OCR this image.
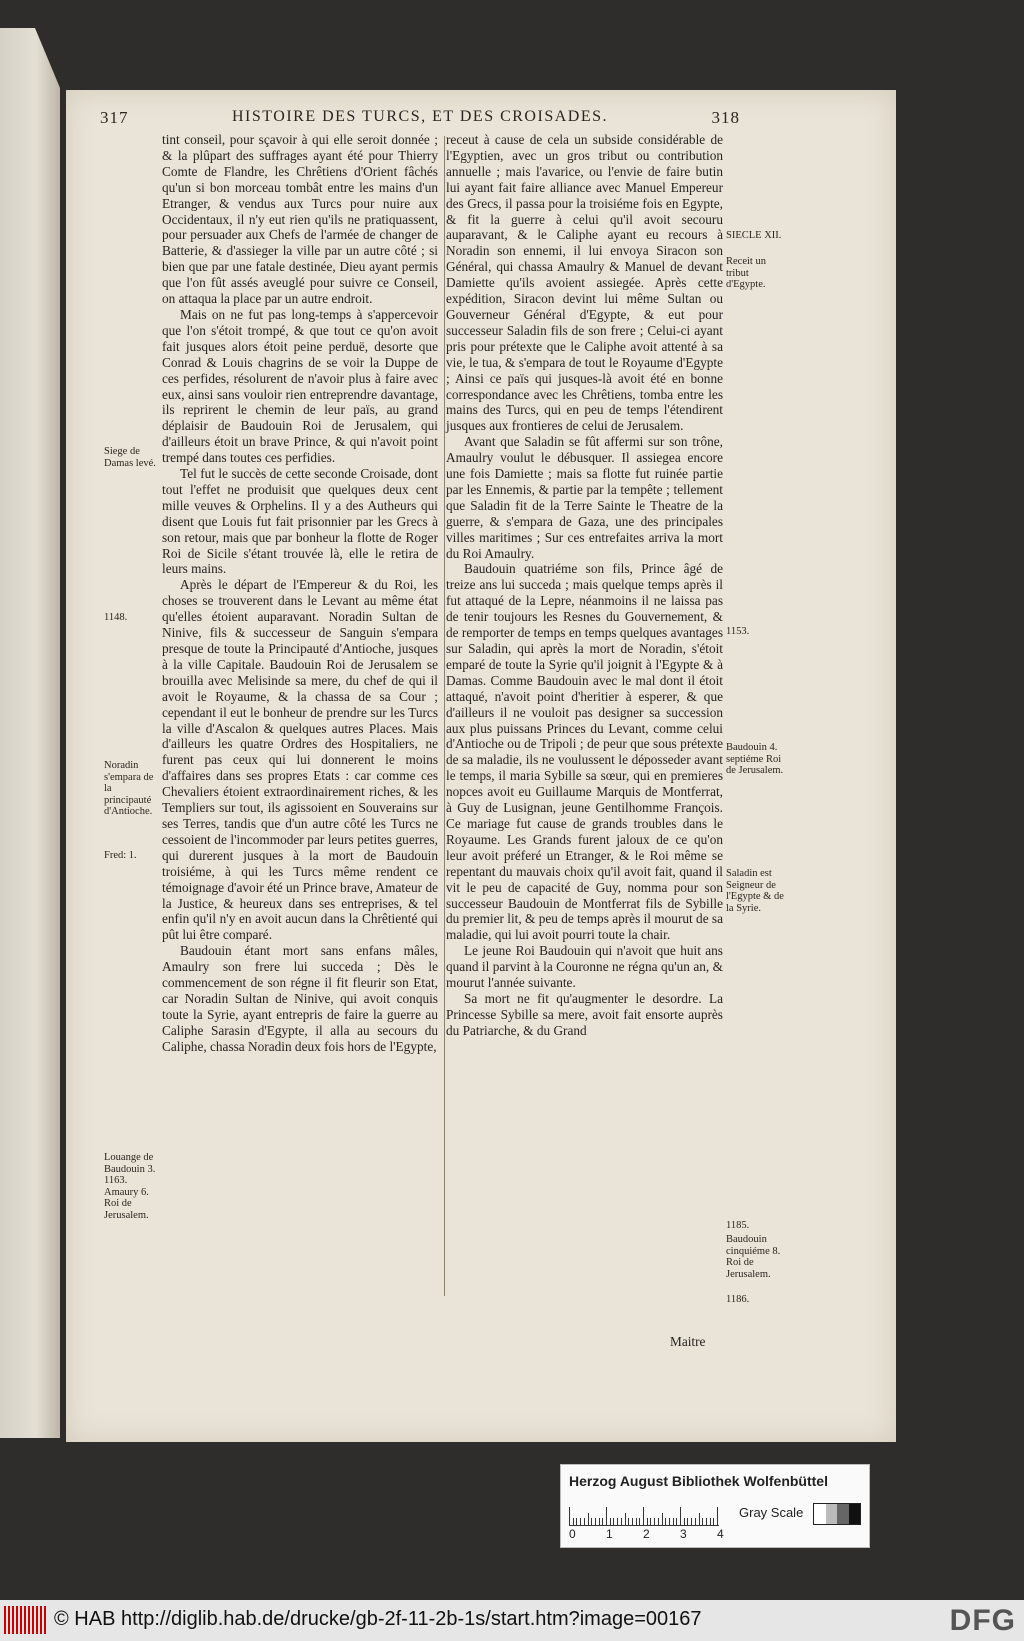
317	HISTOIRE DES TURCS, ET DES CROISADES.	318

tint conseil, pour sçavoir à qui elle seroit donnée ; & la plûpart des suffrages ayant été pour Thierry Comte de Flandre, les Chrêtiens d'Orient fâchés qu'un si bon morceau tombât entre les mains d'un Etranger, & vendus aux Turcs pour nuire aux Occidentaux, il n'y eut rien qu'ils ne pratiquassent, pour persuader aux Chefs de l'armée de changer de Batterie, & d'assieger la ville par un autre côté ; si bien que par une fatale destinée, Dieu ayant permis que l'on fût assés aveuglé pour suivre ce Conseil, on attaqua la place par un autre endroit.

Mais on ne fut pas long-temps à s'appercevoir que l'on s'étoit trompé, & que tout ce qu'on avoit fait jusques alors étoit peine perduë, desorte que Conrad & Louis chagrins de se voir la Duppe de ces perfides, résolurent de n'avoir plus à faire avec eux, ainsi sans vouloir rien entreprendre davantage, ils reprirent le chemin de leur païs, au grand déplaisir de Baudouin Roi de Jerusalem, qui d'ailleurs étoit un brave Prince, & qui n'avoit point trempé dans toutes ces perfidies.

Tel fut le succès de cette seconde Croisade, dont tout l'effet ne produisit que quelques deux cent mille veuves & Orphelins. Il y a des Autheurs qui disent que Louis fut fait prisonnier par les Grecs à son retour, mais que par bonheur la flotte de Roger Roi de Sicile s'étant trouvée là, elle le retira de leurs mains.

Après le départ de l'Empereur & du Roi, les choses se trouverent dans le Levant au même état qu'elles étoient auparavant. Noradin Sultan de Ninive, fils & successeur de Sanguin s'empara presque de toute la Principauté d'Antioche, jusques à la ville Capitale. Baudouin Roi de Jerusalem se brouilla avec Melisinde sa mere, du chef de qui il avoit le Royaume, & la chassa de sa Cour ; cependant il eut le bonheur de prendre sur les Turcs la ville d'Ascalon & quelques autres Places. Mais d'ailleurs les quatre Ordres des Hospitaliers, ne furent pas ceux qui lui donnerent le moins d'affaires dans ses propres Etats : car comme ces Chevaliers étoient extraordinairement riches, & les Templiers sur tout, ils agissoient en Souverains sur ses Terres, tandis que d'un autre côté les Turcs ne cessoient de l'incommoder par leurs petites guerres, qui durerent jusques à la mort de Baudouin troisiéme, à qui les Turcs même rendent ce témoignage d'avoir été un Prince brave, Amateur de la Justice, & heureux dans ses entreprises, & tel enfin qu'il n'y en avoit aucun dans la Chrêtienté qui pût lui être comparé.

Baudouin étant mort sans enfans mâles, Amaulry son frere lui succeda ; Dès le commencement de son régne il fit fleurir son Etat, car Noradin Sultan de Ninive, qui avoit conquis toute la Syrie, ayant entrepris de faire la guerre au Caliphe Sarasin d'Egypte, il alla au secours du Caliphe, chassa Noradin deux fois hors de l'Egypte,

receut à cause de cela un subside considérable de l'Egyptien, avec un gros tribut ou contribution annuelle ; mais l'avarice, ou l'envie de faire butin lui ayant fait faire alliance avec Manuel Empereur des Grecs, il passa pour la troisiéme fois en Egypte, & fit la guerre à celui qu'il avoit secouru auparavant, & le Caliphe ayant eu recours à Noradin son ennemi, il lui envoya Siracon son Général, qui chassa Amaulry & Manuel de devant Damiette qu'ils avoient assiegée. Après cette expédition, Siracon devint lui même Sultan ou Gouverneur Général d'Egypte, & eut pour successeur Saladin fils de son frere ; Celui-ci ayant pris pour prétexte que le Caliphe avoit attenté à sa vie, le tua, & s'empara de tout le Royaume d'Egypte ; Ainsi ce païs qui jusques-là avoit été en bonne correspondance avec les Chrêtiens, tomba entre les mains des Turcs, qui en peu de temps l'étendirent jusques aux frontieres de celui de Jerusalem.

Avant que Saladin se fût affermi sur son trône, Amaulry voulut le débusquer. Il assiegea encore une fois Damiette ; mais sa flotte fut ruinée partie par les Ennemis, & partie par la tempête ; tellement que Saladin fit de la Terre Sainte le Theatre de la guerre, & s'empara de Gaza, une des principales villes maritimes ; Sur ces entrefaites arriva la mort du Roi Amaulry.

Baudouin quatriéme son fils, Prince âgé de treize ans lui succeda ; mais quelque temps après il fut attaqué de la Lepre, néanmoins il ne laissa pas de tenir toujours les Resnes du Gouvernement, & de remporter de temps en temps quelques avantages sur Saladin, qui après la mort de Noradin, s'étoit emparé de toute la Syrie qu'il joignit à l'Egypte & à Damas. Comme Baudouin avec le mal dont il étoit attaqué, n'avoit point d'heritier à esperer, & que d'ailleurs il ne vouloit pas designer sa succession aux plus puissans Princes du Levant, comme celui d'Antioche ou de Tripoli ; de peur que sous prétexte de sa maladie, ils ne voulussent le déposseder avant le temps, il maria Sybille sa sœur, qui en premieres nopces avoit eu Guillaume Marquis de Montferrat, à Guy de Lusignan, jeune Gentilhomme François. Ce mariage fut cause de grands troubles dans le Royaume. Les Grands furent jaloux de ce qu'on leur avoit préferé un Etranger, & le Roi même se repentant du mauvais choix qu'il avoit fait, quand il vit le peu de capacité de Guy, nomma pour son successeur Baudouin de Montferrat fils de Sybille du premier lit, & peu de temps après il mourut de sa maladie, qui lui avoit pourri toute la chair.

Le jeune Roi Baudouin qui n'avoit que huit ans quand il parvint à la Couronne ne régna qu'un an, & mourut l'année suivante.

Sa mort ne fit qu'augmenter le desordre. La Princesse Sybille sa mere, avoit fait ensorte auprès du Patriarche, & du Grand

Siege de Damas levé.
1148.
Noradin s'empara de la principauté d'Antioche.
Fred: 1.
Louange de Baudouin 3. 1163. Amaury 6. Roi de Jerusalem.
SIECLE XII.
Receit un tribut d'Egypte.
1153.
Baudouin 4. septiéme Roi de Jerusalem.
Saladin est Seigneur de l'Egypte & de la Syrie.
1185.
Baudouin cinquiéme 8. Roi de Jerusalem.
1186.
Maitre
Herzog August Bibliothek Wolfenbüttel
0	1	2	3	4
Gray Scale
© HAB http://diglib.hab.de/drucke/gb-2f-11-2b-1s/start.htm?image=00167	DFG
